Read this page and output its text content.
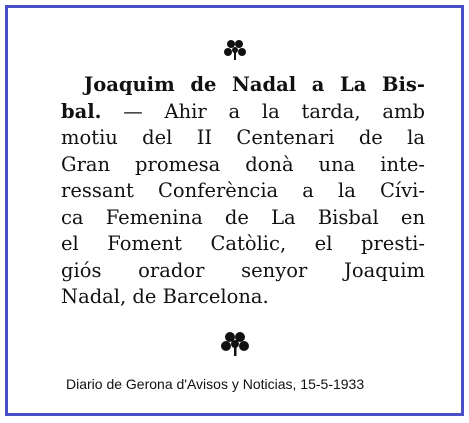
Joaquim de Nadal a La Bis-
bal. — Ahir a la tarda, amb
motiu del II Centenari de la
Gran promesa donà una inte-
ressant Conferència a la Cívi-
ca Femenina de La Bisbal en
el Foment Catòlic, el presti-
giós orador senyor Joaquim
Nadal, de Barcelona.
Diario de Gerona d'Avisos y Noticias, 15-5-1933
